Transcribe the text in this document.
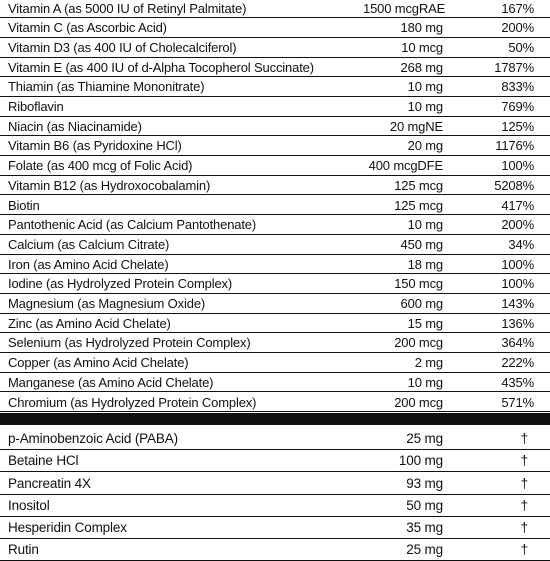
Vitamin A (as 5000 IU of Retinyl Palmitate)	1500 mcgRAE	167%
Vitamin C (as Ascorbic Acid)	180 mg	200%
Vitamin D3 (as 400 IU of Cholecalciferol)	10 mcg	50%
Vitamin E (as 400 IU of d-Alpha Tocopherol Succinate)	268 mg	1787%
Thiamin (as Thiamine Mononitrate)	10 mg	833%
Riboflavin	10 mg	769%
Niacin (as Niacinamide)	20 mgNE	125%
Vitamin B6 (as Pyridoxine HCl)	20 mg	1176%
Folate (as 400 mcg of Folic Acid)	400 mcgDFE	100%
Vitamin B12 (as Hydroxocobalamin)	125 mcg	5208%
Biotin	125 mcg	417%
Pantothenic Acid (as Calcium Pantothenate)	10 mg	200%
Calcium (as Calcium Citrate)	450 mg	34%
Iron (as Amino Acid Chelate)	18 mg	100%
Iodine (as Hydrolyzed Protein Complex)	150 mcg	100%
Magnesium (as Magnesium Oxide)	600 mg	143%
Zinc (as Amino Acid Chelate)	15 mg	136%
Selenium (as Hydrolyzed Protein Complex)	200 mcg	364%
Copper (as Amino Acid Chelate)	2 mg	222%
Manganese (as Amino Acid Chelate)	10 mg	435%
Chromium (as Hydrolyzed Protein Complex)	200 mcg	571%
p-Aminobenzoic Acid (PABA)	25 mg	†
Betaine HCl	100 mg	†
Pancreatin 4X	93 mg	†
Inositol	50 mg	†
Hesperidin Complex	35 mg	†
Rutin	25 mg	†
